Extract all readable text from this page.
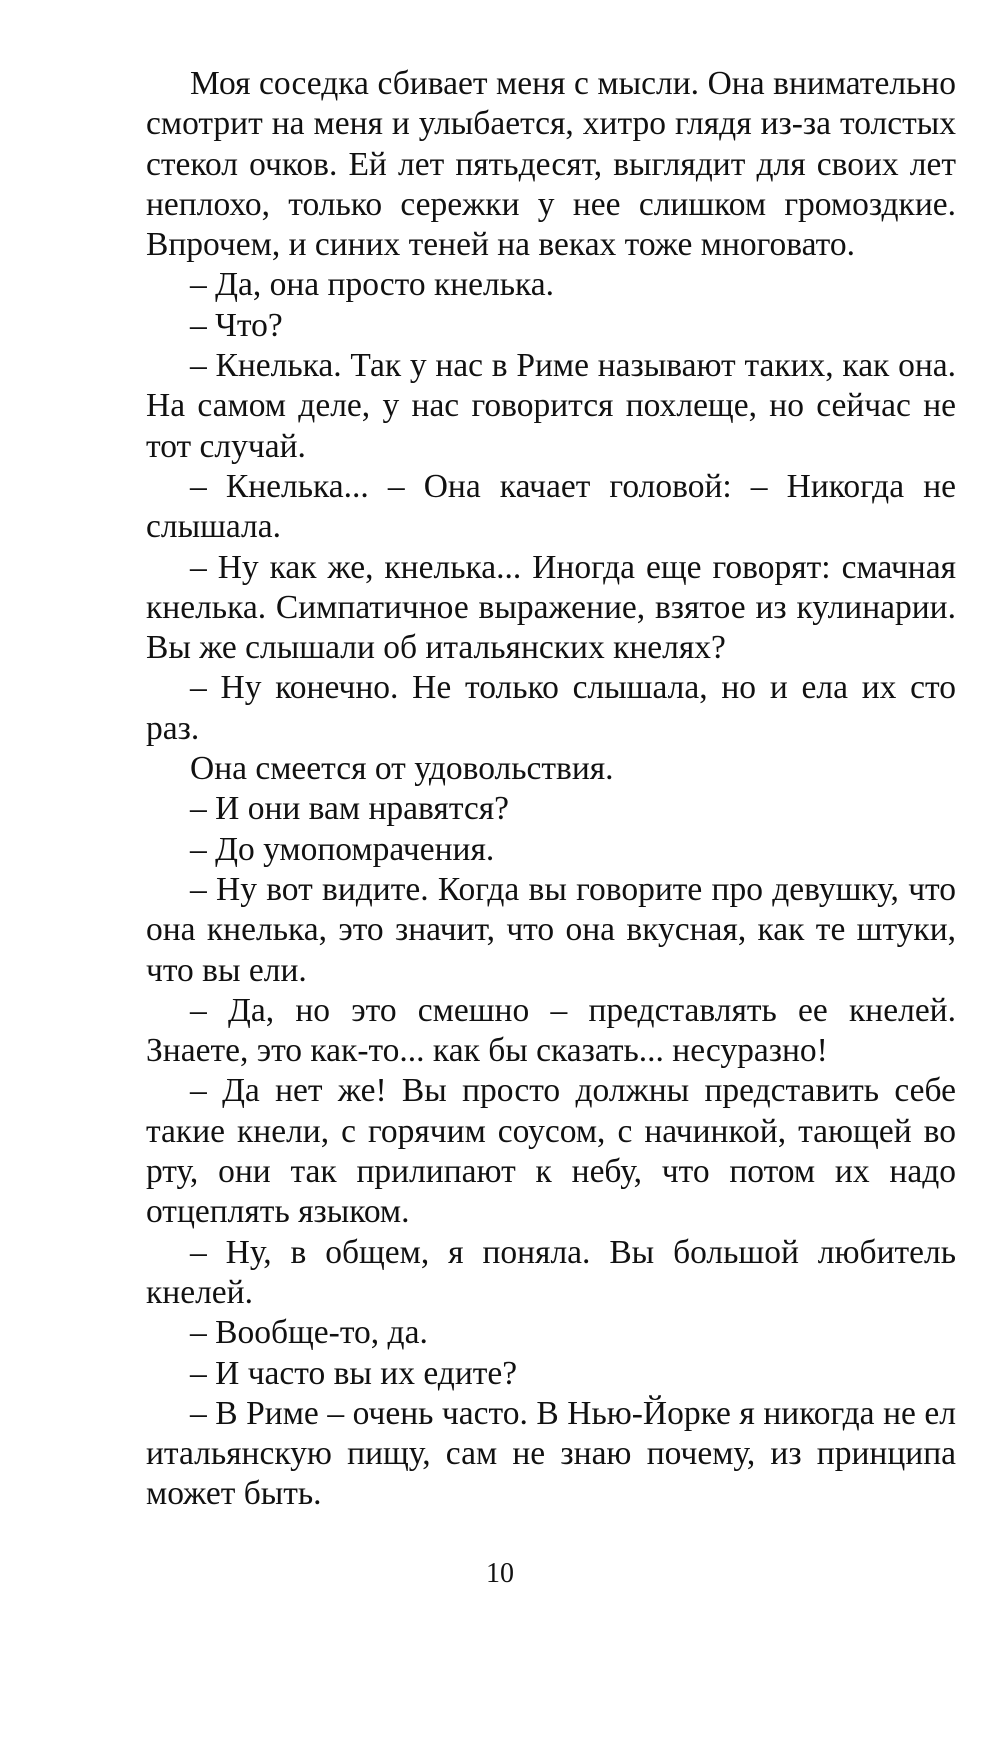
Моя соседка сбивает меня с мысли. Она внимательно смотрит на меня и улыбается, хитро глядя из-за толстых стекол очков. Ей лет пятьдесят, выглядит для своих лет неплохо, только сережки у нее слишком громоздкие. Впрочем, и синих теней на веках тоже многовато.

– Да, она просто кнелька.

– Что?

– Кнелька. Так у нас в Риме называют таких, как она. На самом деле, у нас говорится похлеще, но сейчас не тот случай.

– Кнелька... – Она качает головой: – Никогда не слышала.

– Ну как же, кнелька... Иногда еще говорят: смачная кнелька. Симпатичное выражение, взятое из кулинарии. Вы же слышали об итальянских кнелях?

– Ну конечно. Не только слышала, но и ела их сто раз.

Она смеется от удовольствия.

– И они вам нравятся?

– До умопомрачения.

– Ну вот видите. Когда вы говорите про девушку, что она кнелька, это значит, что она вкусная, как те штуки, что вы ели.

– Да, но это смешно – представлять ее кнелей. Знаете, это как-то... как бы сказать... несуразно!

– Да нет же! Вы просто должны представить себе такие кнели, с горячим соусом, с начинкой, тающей во рту, они так прилипают к небу, что потом их надо отцеплять языком.

– Ну, в общем, я поняла. Вы большой любитель кнелей.

– Вообще-то, да.

– И часто вы их едите?

– В Риме – очень часто. В Нью-Йорке я никогда не ел итальянскую пищу, сам не знаю почему, из принципа может быть.

10
